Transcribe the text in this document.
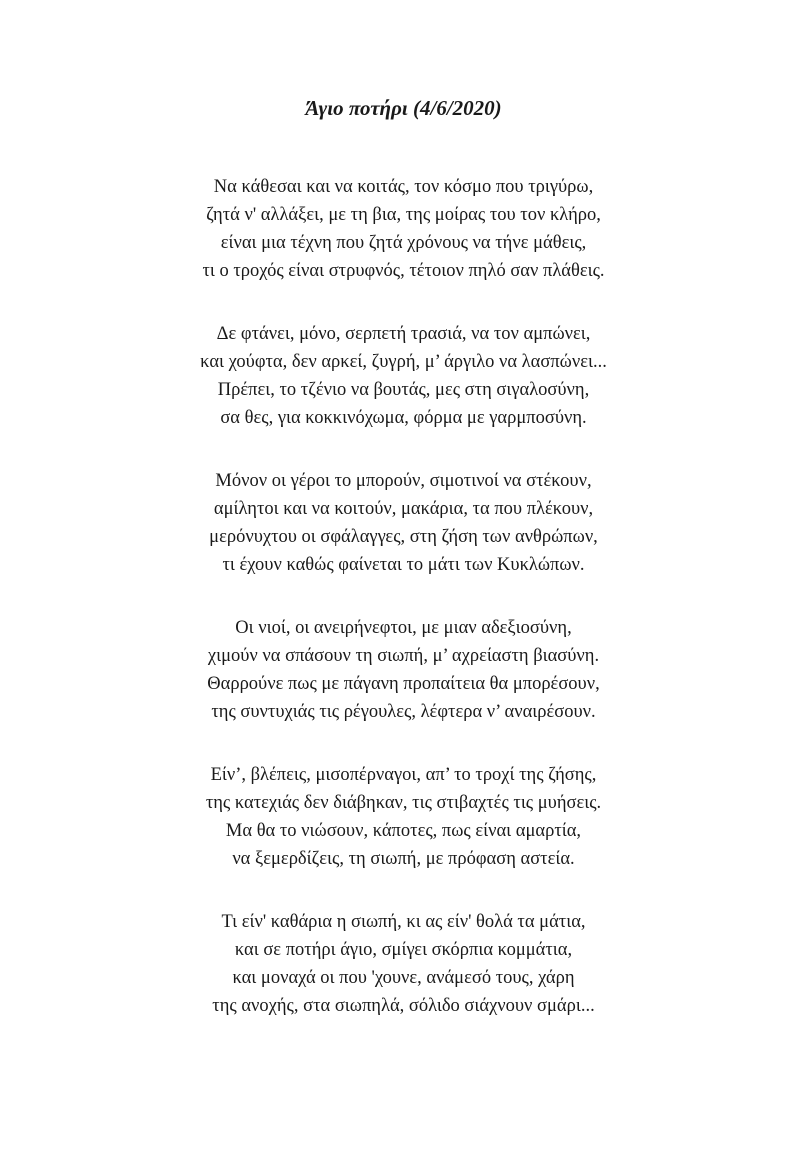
Άγιο ποτήρι (4/6/2020)
Να κάθεσαι και να κοιτάς, τον κόσμο που τριγύρω,
ζητά ν' αλλάξει, με τη βια, της μοίρας του τον κλήρο,
είναι μια τέχνη που ζητά χρόνους να τήνε μάθεις,
τι ο τροχός είναι στρυφνός, τέτοιον πηλό σαν πλάθεις.
Δε φτάνει, μόνο, σερπετή τρασιά, να τον αμπώνει,
και χούφτα, δεν αρκεί, ζυγρή, μ’ άργιλο να λασπώνει...
Πρέπει, το τζένιο να βουτάς, μες στη σιγαλοσύνη,
σα θες, για κοκκινόχωμα, φόρμα με γαρμποσύνη.
Μόνον οι γέροι το μπορούν, σιμοτινοί να στέκουν,
αμίλητοι και να κοιτούν, μακάρια, τα που πλέκουν,
μερόνυχτου οι σφάλαγγες, στη ζήση των ανθρώπων,
τι έχουν καθώς φαίνεται το μάτι των Κυκλώπων.
Οι νιοί, οι ανειρήνεφτοι, με μιαν αδεξιοσύνη,
χιμούν να σπάσουν τη σιωπή, μ’ αχρείαστη βιασύνη.
Θαρρούνε πως με πάγανη προπαίτεια θα μπορέσουν,
της συντυχιάς τις ρέγουλες, λέφτερα ν’ αναιρέσουν.
Είν’, βλέπεις, μισοπέρναγοι, απ’ το τροχί της ζήσης,
της κατεχιάς δεν διάβηκαν, τις στιβαχτές τις μυήσεις.
Μα θα το νιώσουν, κάποτες, πως είναι αμαρτία,
να ξεμερδίζεις, τη σιωπή, με πρόφαση αστεία.
Τι είν' καθάρια η σιωπή, κι ας είν' θολά τα μάτια,
και σε ποτήρι άγιο, σμίγει σκόρπια κομμάτια,
και μοναχά οι που 'χουνε, ανάμεσό τους, χάρη
της ανοχής, στα σιωπηλά, σόλιδο σιάχνουν σμάρι...
